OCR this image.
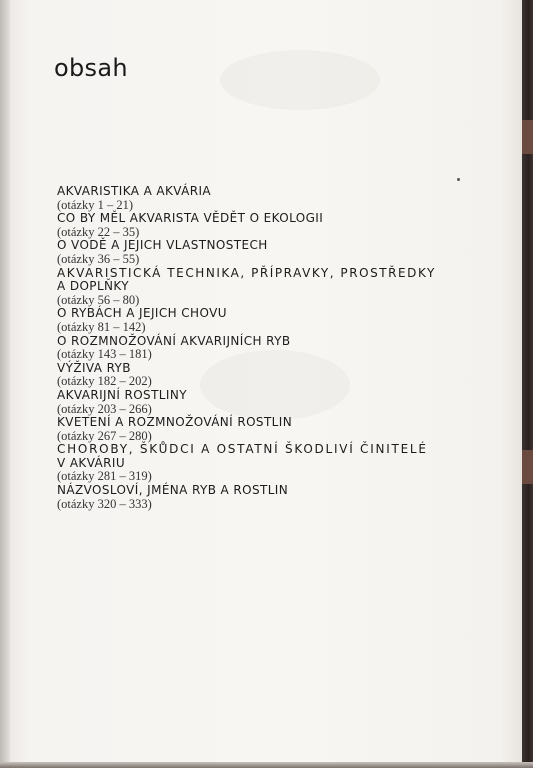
obsah
AKVARISTIKA A AKVÁRIA
(otázky 1 – 21)
CO BY MĚL AKVARISTA VĚDĚT O EKOLOGII
(otázky 22 – 35)
O VODĚ A JEJICH VLASTNOSTECH
(otázky 36 – 55)
AKVARISTICKÁ TECHNIKA, PŘÍPRAVKY, PROSTŘEDKY
A DOPLŇKY
(otázky 56 – 80)
O RYBÁCH A JEJICH CHOVU
(otázky 81 – 142)
O ROZMNOŽOVÁNÍ AKVARIJNÍCH RYB
(otázky 143 – 181)
VÝŽIVA RYB
(otázky 182 – 202)
AKVARIJNÍ ROSTLINY
(otázky 203 – 266)
KVETENÍ A ROZMNOŽOVÁNÍ ROSTLIN
(otázky 267 – 280)
CHOROBY, ŠKŮDCI A OSTATNÍ ŠKODLIVÍ ČINITELÉ
V AKVÁRIU
(otázky 281 – 319)
NÁZVOSLOVÍ, JMÉNA RYB A ROSTLIN
(otázky 320 – 333)
